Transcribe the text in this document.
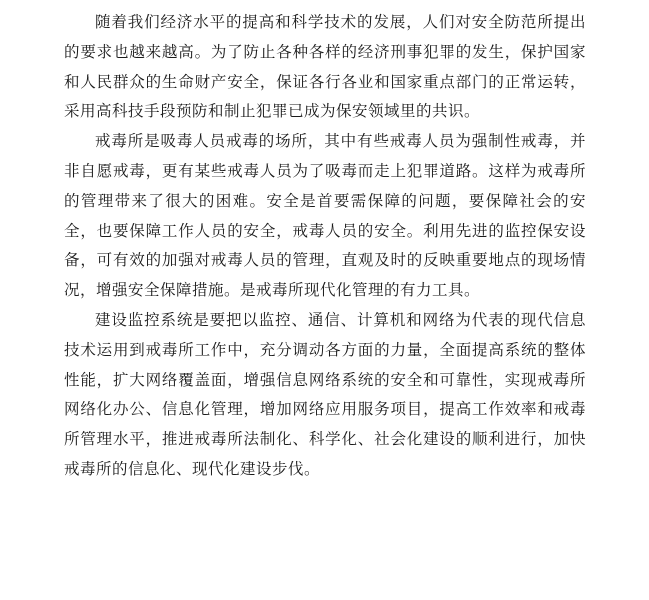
随着我们经济水平的提高和科学技术的发展，人们对安全防范所提出的要求也越来越高。为了防止各种各样的经济刑事犯罪的发生，保护国家和人民群众的生命财产安全，保证各行各业和国家重点部门的正常运转，采用高科技手段预防和制止犯罪已成为保安领域里的共识。

戒毒所是吸毒人员戒毒的场所，其中有些戒毒人员为强制性戒毒，并非自愿戒毒，更有某些戒毒人员为了吸毒而走上犯罪道路。这样为戒毒所的管理带来了很大的困难。安全是首要需保障的问题，要保障社会的安全，也要保障工作人员的安全，戒毒人员的安全。利用先进的监控保安设备，可有效的加强对戒毒人员的管理，直观及时的反映重要地点的现场情况，增强安全保障措施。是戒毒所现代化管理的有力工具。

建设监控系统是要把以监控、通信、计算机和网络为代表的现代信息技术运用到戒毒所工作中，充分调动各方面的力量，全面提高系统的整体性能，扩大网络覆盖面，增强信息网络系统的安全和可靠性，实现戒毒所网络化办公、信息化管理，增加网络应用服务项目，提高工作效率和戒毒所管理水平，推进戒毒所法制化、科学化、社会化建设的顺利进行，加快戒毒所的信息化、现代化建设步伐。
